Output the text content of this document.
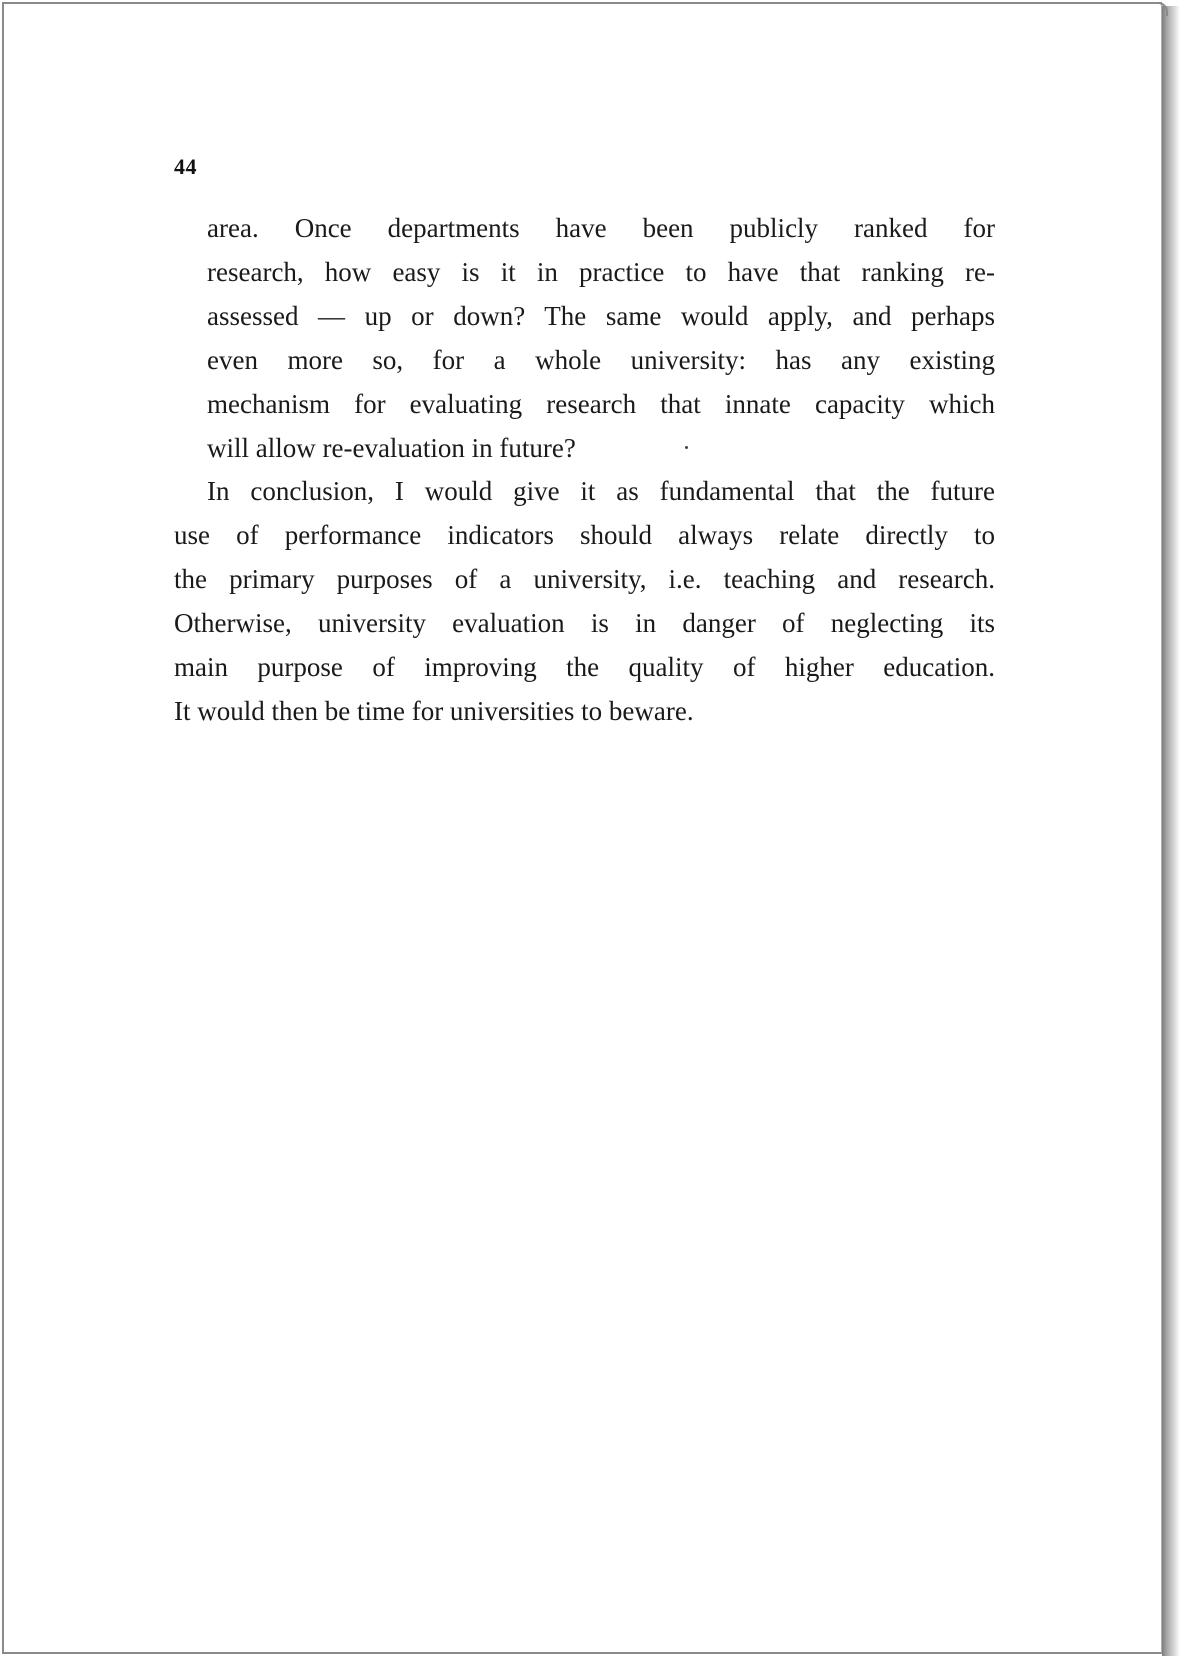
44
area. Once departments have been publicly ranked for
research, how easy is it in practice to have that ranking re-
assessed — up or down? The same would apply, and perhaps
even more so, for a whole university: has any existing
mechanism for evaluating research that innate capacity which
will allow re-evaluation in future?
In conclusion, I would give it as fundamental that the future
use of performance indicators should always relate directly to
the primary purposes of a university, i.e. teaching and research.
Otherwise, university evaluation is in danger of neglecting its
main purpose of improving the quality of higher education.
It would then be time for universities to beware.
